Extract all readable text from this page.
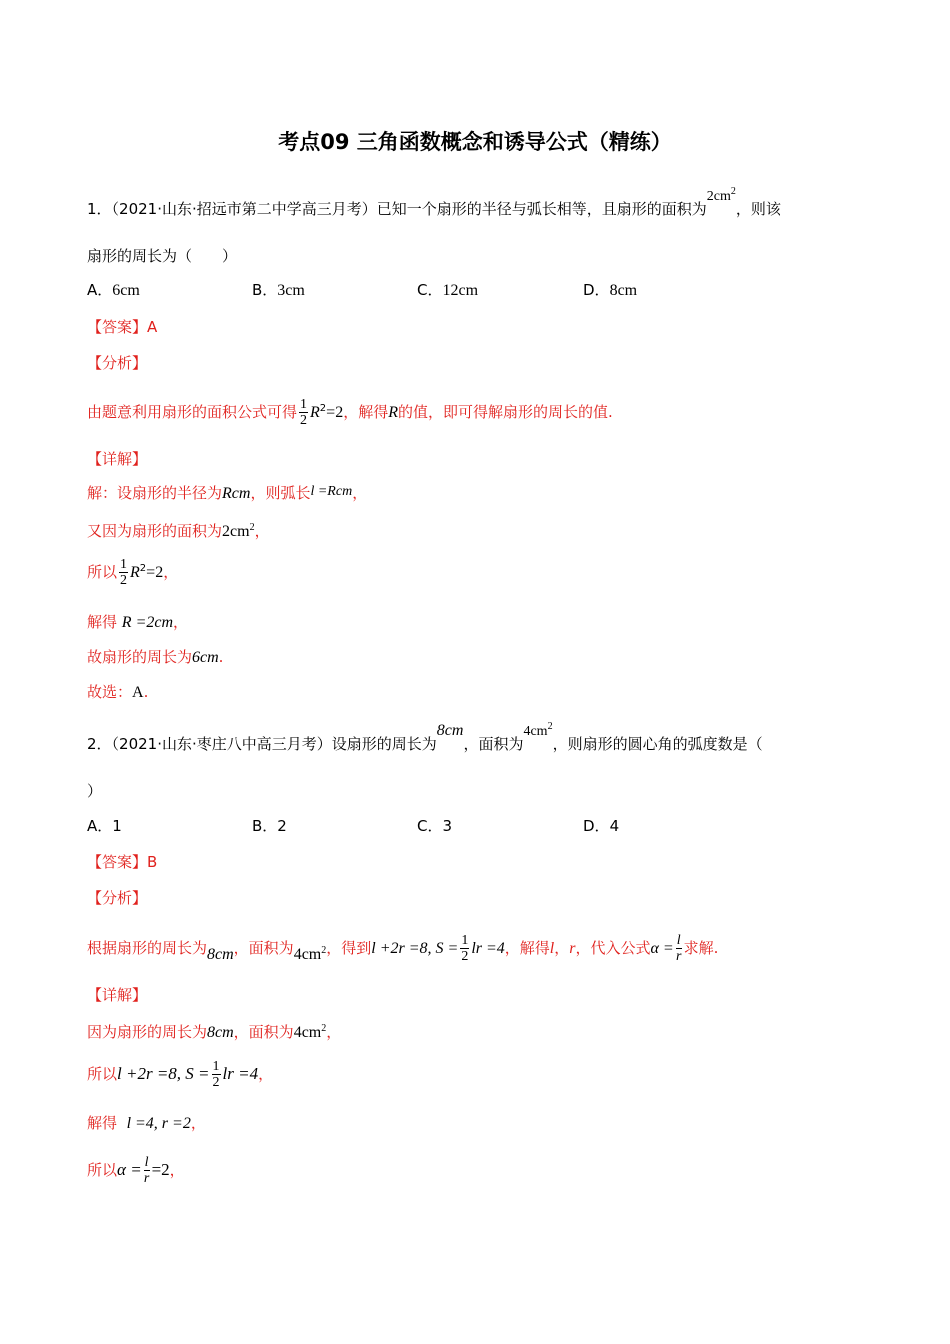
考点09 三角函数概念和诱导公式（精练）
1．（2021·山东·招远市第二中学高三月考）已知一个扇形的半径与弧长相等，且扇形的面积为$2cm^2$，则该
扇形的周长为（　　）
A．6cm	B．3cm	C．12cm	D．8cm
【答案】A
【分析】
由题意利用扇形的面积公式可得 $\frac{1}{2} R^2=2$，解得R的值，即可得解扇形的周长的值.
【详解】
解：设扇形的半径为Rcm，则弧长l =Rcm，
又因为扇形的面积为$2cm^2$，
所以 $\frac{1}{2} R^2=2$，
解得 R =2cm，
故扇形的周长为6cm.
故选：A.
2．（2021·山东·枣庄八中高三月考）设扇形的周长为8cm，面积为$4cm^2$，则扇形的圆心角的弧度数是（
）
A．1	B．2	C．3	D．4
【答案】B
【分析】
根据扇形的周长为8cm，面积为$4cm^2$，得到l +2r =8, $S = \frac{1}{2}$ lr =4，解得l，r，代入公式$\alpha = \frac{l}{r}$ 求解.
【详解】
因为扇形的周长为8cm，面积为$4cm^2$，
所以l +2r =8, $S = \frac{1}{2}$ lr =4，
解得 l =4, r =2，
所以$\alpha = \frac{l}{r} =2$，
